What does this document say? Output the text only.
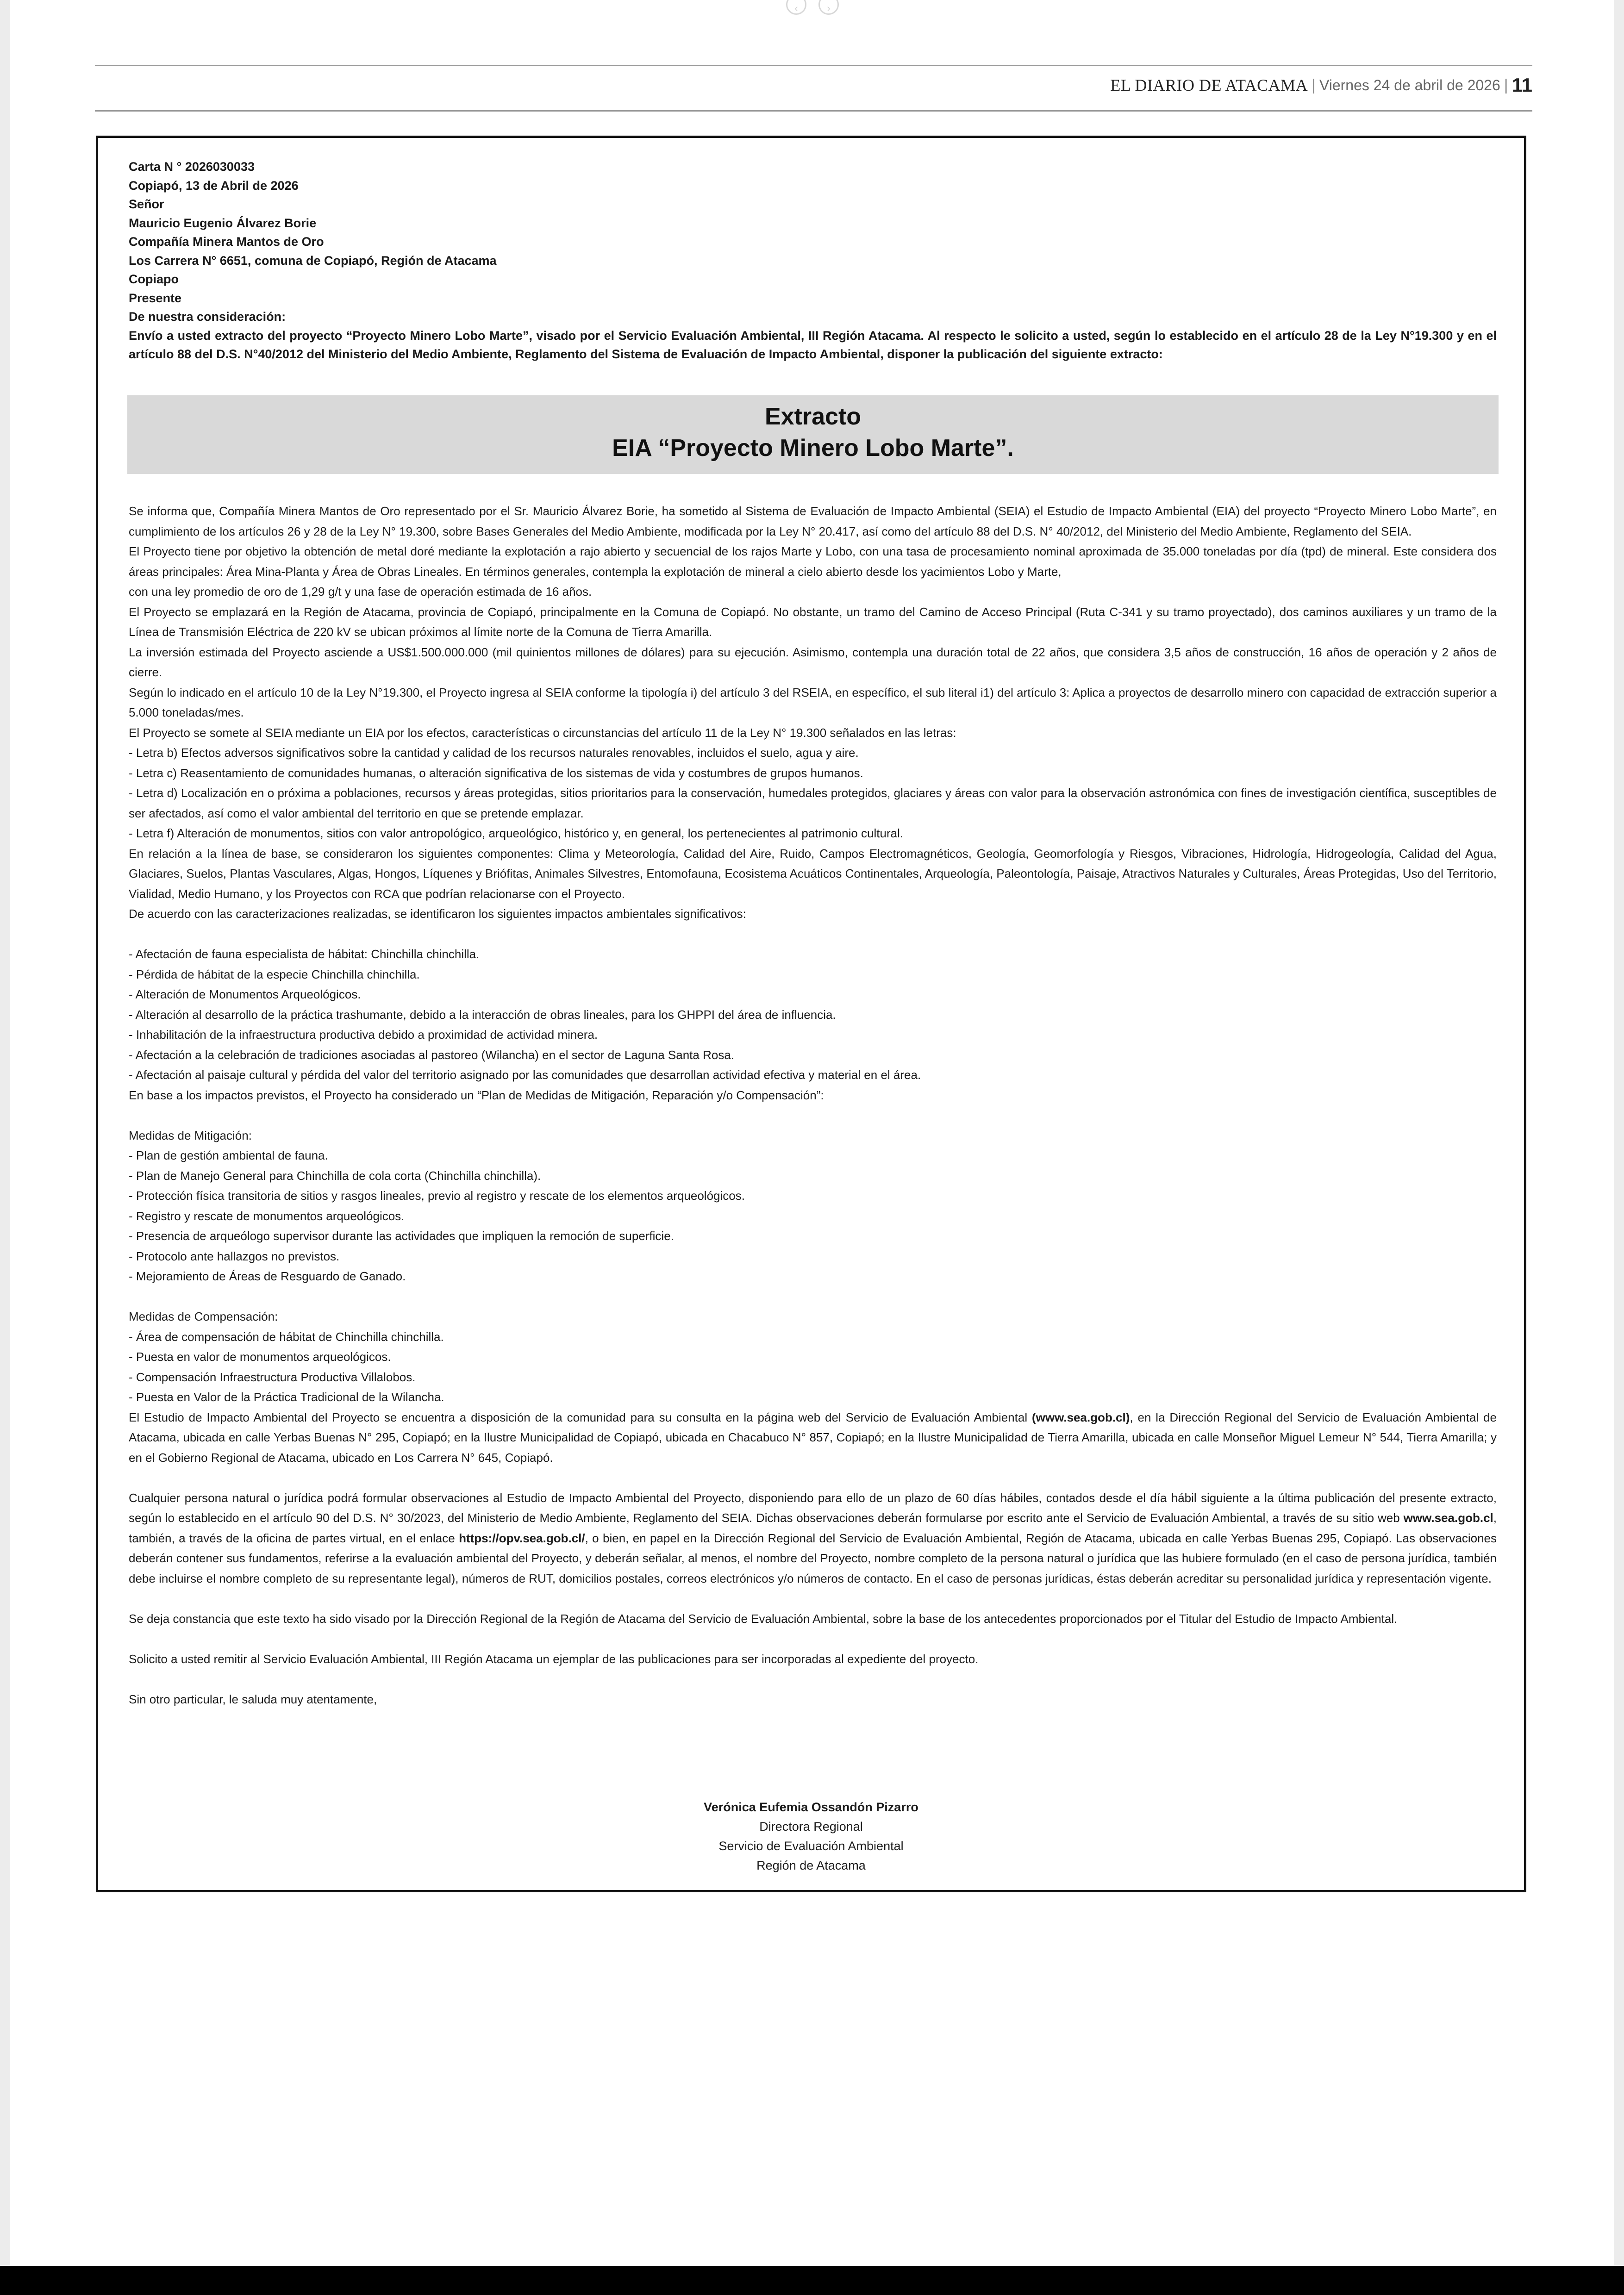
‹	›
EL DIARIO DE ATACAMA | Viernes 24 de abril de 2026 | 11
Carta N ° 2026030033
Copiapó, 13 de Abril de 2026
Señor
Mauricio Eugenio Álvarez Borie
Compañía Minera Mantos de Oro
Los Carrera N° 6651, comuna de Copiapó, Región de Atacama
Copiapo
Presente
De nuestra consideración:
Envío a usted extracto del proyecto “Proyecto Minero Lobo Marte”, visado por el Servicio Evaluación Ambiental, III Región Atacama. Al respecto le solicito a usted, según lo establecido en el artículo 28 de la Ley N°19.300 y en el artículo 88 del D.S. N°40/2012 del Ministerio del Medio Ambiente, Reglamento del Sistema de Evaluación de Impacto Ambiental, disponer la publicación del siguiente extracto:
Extracto
EIA “Proyecto Minero Lobo Marte”.

Se informa que, Compañía Minera Mantos de Oro representado por el Sr. Mauricio Álvarez Borie, ha sometido al Sistema de Evaluación de Impacto Ambiental (SEIA) el Estudio de Impacto Ambiental (EIA) del proyecto “Proyecto Minero Lobo Marte”, en cumplimiento de los artículos 26 y 28 de la Ley N° 19.300, sobre Bases Generales del Medio Ambiente, modificada por la Ley N° 20.417, así como del artículo 88 del D.S. N° 40/2012, del Ministerio del Medio Ambiente, Reglamento del SEIA.

El Proyecto tiene por objetivo la obtención de metal doré mediante la explotación a rajo abierto y secuencial de los rajos Marte y Lobo, con una tasa de procesamiento nominal aproximada de 35.000 toneladas por día (tpd) de mineral. Este considera dos áreas principales: Área Mina-Planta y Área de Obras Lineales. En términos generales, contempla la explotación de mineral a cielo abierto desde los yacimientos Lobo y Marte,

con una ley promedio de oro de 1,29 g/t y una fase de operación estimada de 16 años.

El Proyecto se emplazará en la Región de Atacama, provincia de Copiapó, principalmente en la Comuna de Copiapó. No obstante, un tramo del Camino de Acceso Principal (Ruta C-341 y su tramo proyectado), dos caminos auxiliares y un tramo de la Línea de Transmisión Eléctrica de 220 kV se ubican próximos al límite norte de la Comuna de Tierra Amarilla.

La inversión estimada del Proyecto asciende a US$1.500.000.000 (mil quinientos millones de dólares) para su ejecución. Asimismo, contempla una duración total de 22 años, que considera 3,5 años de construcción, 16 años de operación y 2 años de cierre.

Según lo indicado en el artículo 10 de la Ley N°19.300, el Proyecto ingresa al SEIA conforme la tipología i) del artículo 3 del RSEIA, en específico, el sub literal i1) del artículo 3: Aplica a proyectos de desarrollo minero con capacidad de extracción superior a 5.000 toneladas/mes.

El Proyecto se somete al SEIA mediante un EIA por los efectos, características o circunstancias del artículo 11 de la Ley N° 19.300 señalados en las letras:

- Letra b) Efectos adversos significativos sobre la cantidad y calidad de los recursos naturales renovables, incluidos el suelo, agua y aire.

- Letra c) Reasentamiento de comunidades humanas, o alteración significativa de los sistemas de vida y costumbres de grupos humanos.

- Letra d) Localización en o próxima a poblaciones, recursos y áreas protegidas, sitios prioritarios para la conservación, humedales protegidos, glaciares y áreas con valor para la observación astronómica con fines de investigación científica, susceptibles de ser afectados, así como el valor ambiental del territorio en que se pretende emplazar.

- Letra f) Alteración de monumentos, sitios con valor antropológico, arqueológico, histórico y, en general, los pertenecientes al patrimonio cultural.

En relación a la línea de base, se consideraron los siguientes componentes: Clima y Meteorología, Calidad del Aire, Ruido, Campos Electromagnéticos, Geología, Geomorfología y Riesgos, Vibraciones, Hidrología, Hidrogeología, Calidad del Agua, Glaciares, Suelos, Plantas Vasculares, Algas, Hongos, Líquenes y Briófitas, Animales Silvestres, Entomofauna, Ecosistema Acuáticos Continentales, Arqueología, Paleontología, Paisaje, Atractivos Naturales y Culturales, Áreas Protegidas, Uso del Territorio, Vialidad, Medio Humano, y los Proyectos con RCA que podrían relacionarse con el Proyecto.

De acuerdo con las caracterizaciones realizadas, se identificaron los siguientes impactos ambientales significativos:

- Afectación de fauna especialista de hábitat: Chinchilla chinchilla.

- Pérdida de hábitat de la especie Chinchilla chinchilla.

- Alteración de Monumentos Arqueológicos.

- Alteración al desarrollo de la práctica trashumante, debido a la interacción de obras lineales, para los GHPPI del área de influencia.

- Inhabilitación de la infraestructura productiva debido a proximidad de actividad minera.

- Afectación a la celebración de tradiciones asociadas al pastoreo (Wilancha) en el sector de Laguna Santa Rosa.

- Afectación al paisaje cultural y pérdida del valor del territorio asignado por las comunidades que desarrollan actividad efectiva y material en el área.

En base a los impactos previstos, el Proyecto ha considerado un “Plan de Medidas de Mitigación, Reparación y/o Compensación”:

Medidas de Mitigación:

- Plan de gestión ambiental de fauna.

- Plan de Manejo General para Chinchilla de cola corta (Chinchilla chinchilla).

- Protección física transitoria de sitios y rasgos lineales, previo al registro y rescate de los elementos arqueológicos.

- Registro y rescate de monumentos arqueológicos.

- Presencia de arqueólogo supervisor durante las actividades que impliquen la remoción de superficie.

- Protocolo ante hallazgos no previstos.

- Mejoramiento de Áreas de Resguardo de Ganado.

Medidas de Compensación:

- Área de compensación de hábitat de Chinchilla chinchilla.

- Puesta en valor de monumentos arqueológicos.

- Compensación Infraestructura Productiva Villalobos.

- Puesta en Valor de la Práctica Tradicional de la Wilancha.

El Estudio de Impacto Ambiental del Proyecto se encuentra a disposición de la comunidad para su consulta en la página web del Servicio de Evaluación Ambiental (www.sea.gob.cl), en la Dirección Regional del Servicio de Evaluación Ambiental de Atacama, ubicada en calle Yerbas Buenas N° 295, Copiapó; en la Ilustre Municipalidad de Copiapó, ubicada en Chacabuco N° 857, Copiapó; en la Ilustre Municipalidad de Tierra Amarilla, ubicada en calle Monseñor Miguel Lemeur N° 544, Tierra Amarilla; y en el Gobierno Regional de Atacama, ubicado en Los Carrera N° 645, Copiapó.

Cualquier persona natural o jurídica podrá formular observaciones al Estudio de Impacto Ambiental del Proyecto, disponiendo para ello de un plazo de 60 días hábiles, contados desde el día hábil siguiente a la última publicación del presente extracto, según lo establecido en el artículo 90 del D.S. N° 30/2023, del Ministerio de Medio Ambiente, Reglamento del SEIA. Dichas observaciones deberán formularse por escrito ante el Servicio de Evaluación Ambiental, a través de su sitio web www.sea.gob.cl, también, a través de la oficina de partes virtual, en el enlace https://opv.sea.gob.cl/, o bien, en papel en la Dirección Regional del Servicio de Evaluación Ambiental, Región de Atacama, ubicada en calle Yerbas Buenas 295, Copiapó. Las observaciones deberán contener sus fundamentos, referirse a la evaluación ambiental del Proyecto, y deberán señalar, al menos, el nombre del Proyecto, nombre completo de la persona natural o jurídica que las hubiere formulado (en el caso de persona jurídica, también debe incluirse el nombre completo de su representante legal), números de RUT, domicilios postales, correos electrónicos y/o números de contacto. En el caso de personas jurídicas, éstas deberán acreditar su personalidad jurídica y representación vigente.

Se deja constancia que este texto ha sido visado por la Dirección Regional de la Región de Atacama del Servicio de Evaluación Ambiental, sobre la base de los antecedentes proporcionados por el Titular del Estudio de Impacto Ambiental.

Solicito a usted remitir al Servicio Evaluación Ambiental, III Región Atacama un ejemplar de las publicaciones para ser incorporadas al expediente del proyecto.

Sin otro particular, le saluda muy atentamente,

Verónica Eufemia Ossandón Pizarro
Directora Regional
Servicio de Evaluación Ambiental
Región de Atacama
